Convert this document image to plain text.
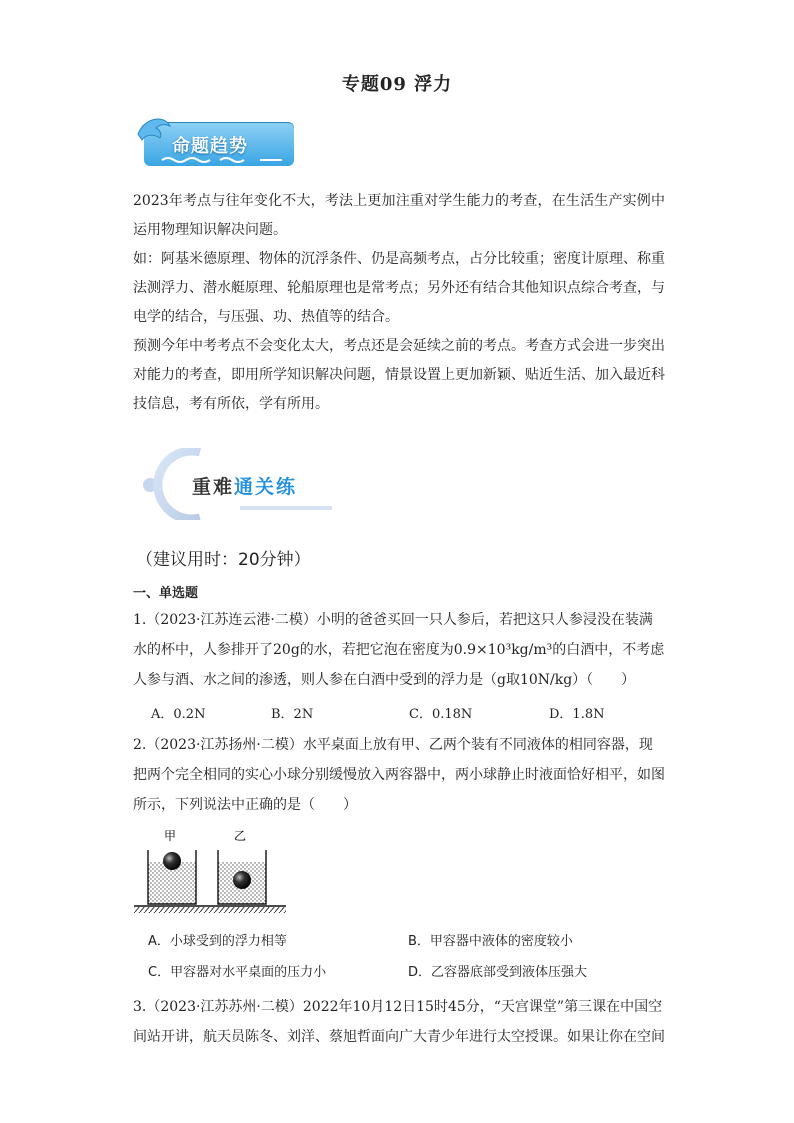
专题09 浮力
命题趋势
2023年考点与往年变化不大，考法上更加注重对学生能力的考查，在生活生产实例中运用物理知识解决问题。
如：阿基米德原理、物体的沉浮条件、仍是高频考点，占分比较重；密度计原理、称重法测浮力、潜水艇原理、轮船原理也是常考点；另外还有结合其他知识点综合考查，与电学的结合，与压强、功、热值等的结合。
预测今年中考考点不会变化太大，考点还是会延续之前的考点。考查方式会进一步突出对能力的考查，即用所学知识解决问题，情景设置上更加新颖、贴近生活、加入最近科技信息，考有所依，学有所用。
重难通关练
（建议用时：20分钟）
一、单选题
1.（2023·江苏连云港·二模）小明的爸爸买回一只人参后，若把这只人参浸没在装满水的杯中，人参排开了20g的水，若把它泡在密度为0.9×10³kg/m³的白酒中，不考虑人参与酒、水之间的渗透，则人参在白酒中受到的浮力是（g取10N/kg）（　　）
A．0.2N	B．2N	C．0.18N	D．1.8N
2.（2023·江苏扬州·二模）水平桌面上放有甲、乙两个装有不同液体的相同容器，现把两个完全相同的实心小球分别缓慢放入两容器中，两小球静止时液面恰好相平，如图所示，下列说法中正确的是（　　）
甲	乙
A．小球受到的浮力相等	B．甲容器中液体的密度较小
C．甲容器对水平桌面的压力小	D．乙容器底部受到液体压强大
3.（2023·江苏苏州·二模）2022年10月12日15时45分，“天宫课堂”第三课在中国空间站开讲，航天员陈冬、刘洋、蔡旭哲面向广大青少年进行太空授课。如果让你在空间
